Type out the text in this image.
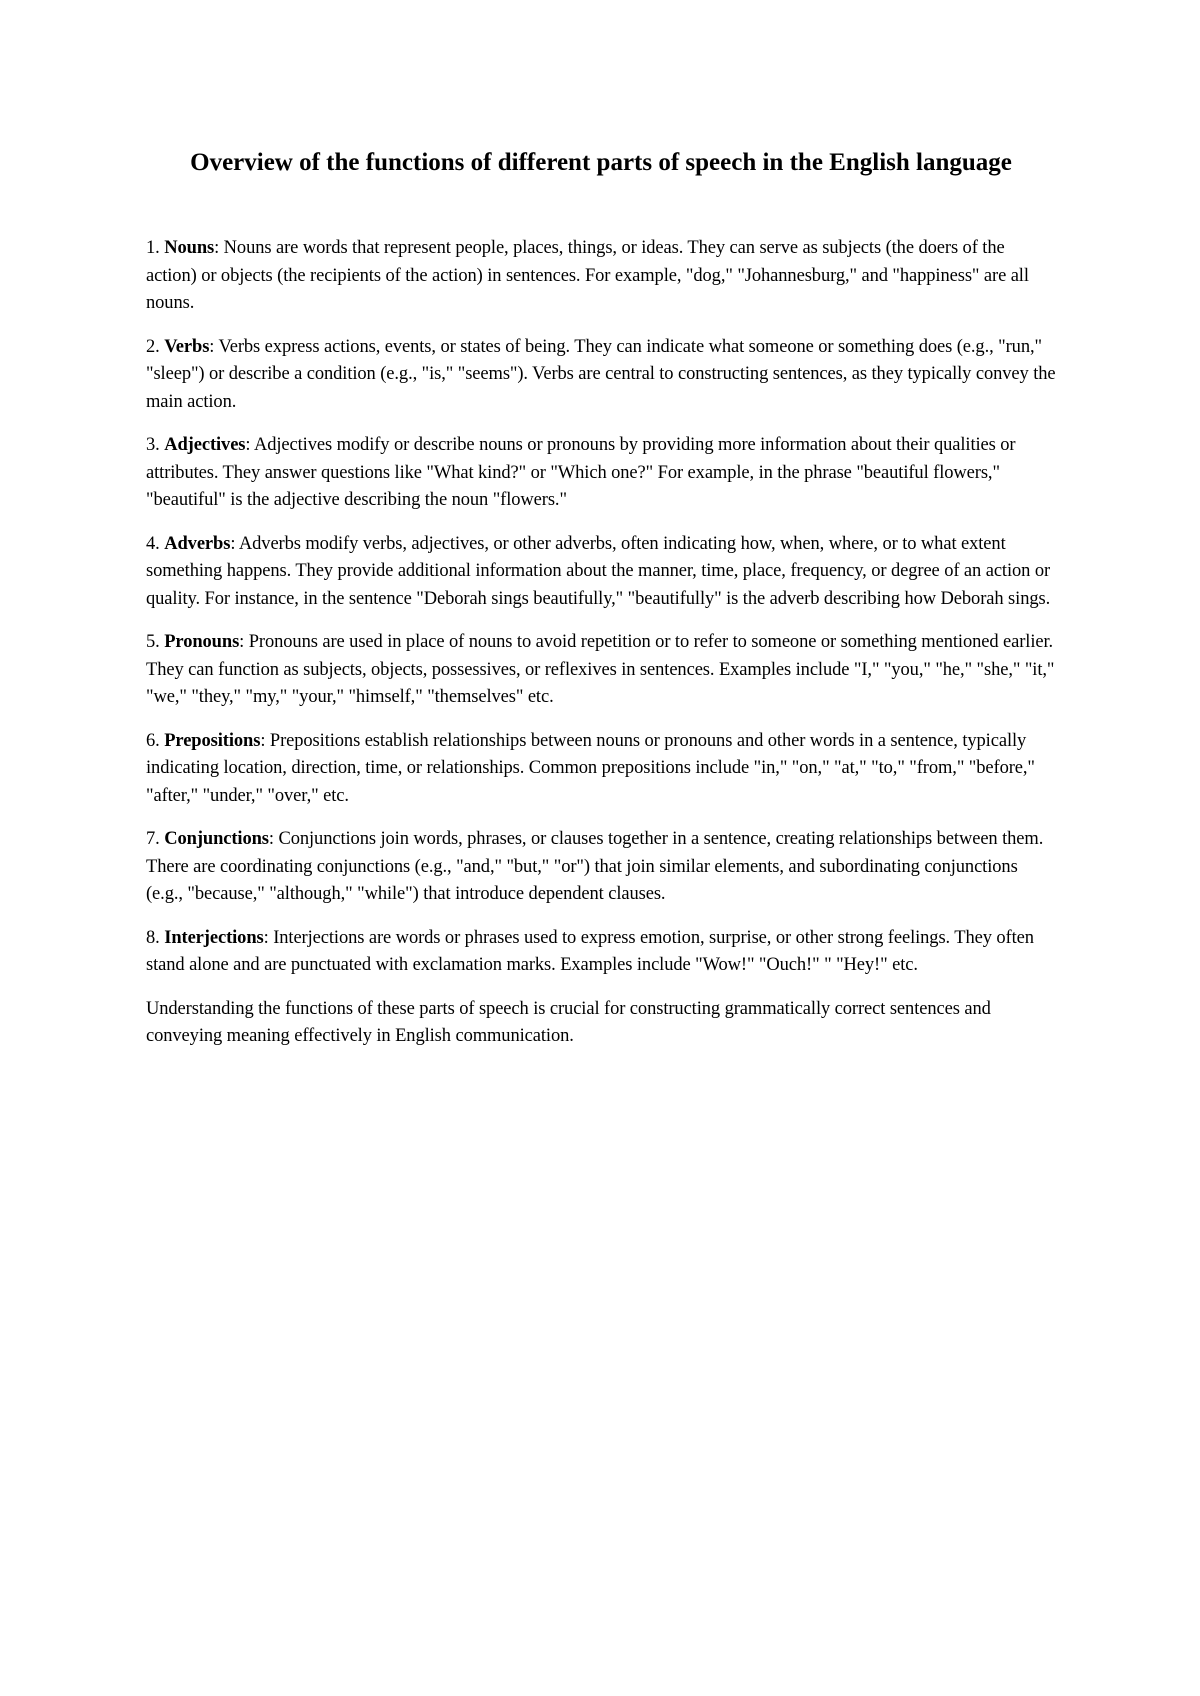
Overview of the functions of different parts of speech in the English language

1. Nouns: Nouns are words that represent people, places, things, or ideas. They can serve as subjects (the doers of the action) or objects (the recipients of the action) in sentences. For example, "dog," "Johannesburg," and "happiness" are all nouns.

2. Verbs: Verbs express actions, events, or states of being. They can indicate what someone or something does (e.g., "run," "sleep") or describe a condition (e.g., "is," "seems"). Verbs are central to constructing sentences, as they typically convey the main action.

3. Adjectives: Adjectives modify or describe nouns or pronouns by providing more information about their qualities or attributes. They answer questions like "What kind?" or "Which one?" For example, in the phrase "beautiful flowers," "beautiful" is the adjective describing the noun "flowers."

4. Adverbs: Adverbs modify verbs, adjectives, or other adverbs, often indicating how, when, where, or to what extent something happens. They provide additional information about the manner, time, place, frequency, or degree of an action or quality. For instance, in the sentence "Deborah sings beautifully," "beautifully" is the adverb describing how Deborah sings.

5. Pronouns: Pronouns are used in place of nouns to avoid repetition or to refer to someone or something mentioned earlier. They can function as subjects, objects, possessives, or reflexives in sentences. Examples include "I," "you," "he," "she," "it," "we," "they," "my," "your," "himself," "themselves" etc.

6. Prepositions: Prepositions establish relationships between nouns or pronouns and other words in a sentence, typically indicating location, direction, time, or relationships. Common prepositions include "in," "on," "at," "to," "from," "before," "after," "under," "over," etc.

7. Conjunctions: Conjunctions join words, phrases, or clauses together in a sentence, creating relationships between them. There are coordinating conjunctions (e.g., "and," "but," "or") that join similar elements, and subordinating conjunctions (e.g., "because," "although," "while") that introduce dependent clauses.

8. Interjections: Interjections are words or phrases used to express emotion, surprise, or other strong feelings. They often stand alone and are punctuated with exclamation marks. Examples include "Wow!" "Ouch!" " "Hey!" etc.

Understanding the functions of these parts of speech is crucial for constructing grammatically correct sentences and conveying meaning effectively in English communication.
